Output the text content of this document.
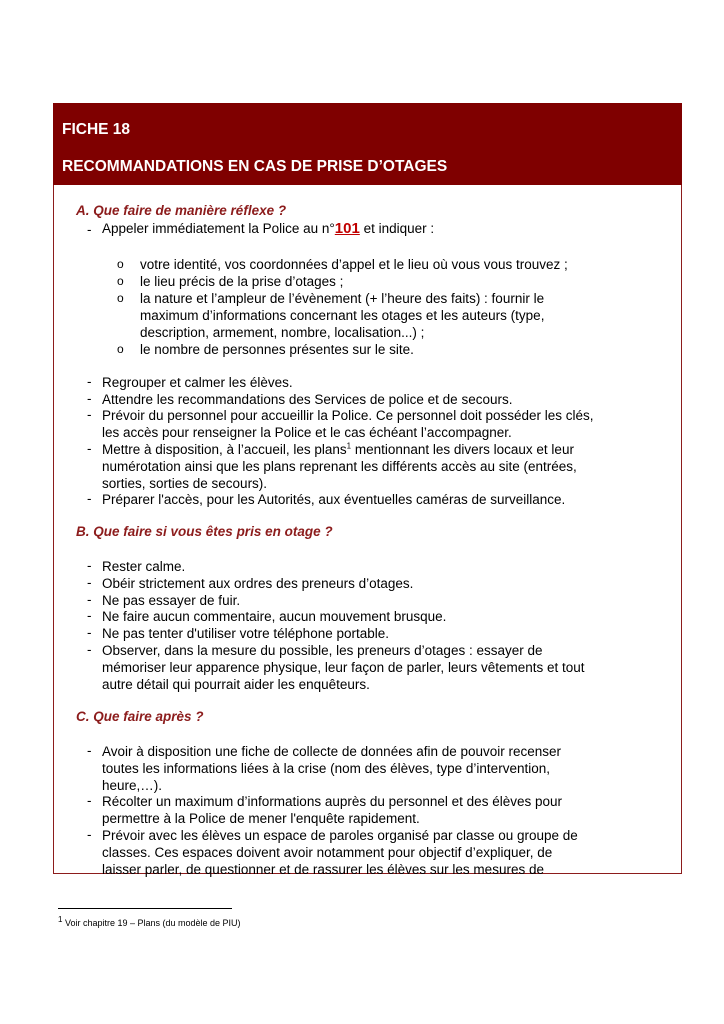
FICHE 18
RECOMMANDATIONS EN CAS DE PRISE D’OTAGES
A. Que faire de manière réflexe ?
- Appeler immédiatement la Police au n°101 et indiquer :
o votre identité, vos coordonnées d’appel et le lieu où vous vous trouvez ;
o le lieu précis de la prise d’otages ;
o la nature et l’ampleur de l’évènement (+ l’heure des faits) : fournir le
maximum d’informations concernant les otages et les auteurs (type,
description, armement, nombre, localisation...) ;
o le nombre de personnes présentes sur le site.
- Regrouper et calmer les élèves.
- Attendre les recommandations des Services de police et de secours.
- Prévoir du personnel pour accueillir la Police. Ce personnel doit posséder les clés,
les accès pour renseigner la Police et le cas échéant l’accompagner.
- Mettre à disposition, à l’accueil, les plans$^1$ mentionnant les divers locaux et leur
numérotation ainsi que les plans reprenant les différents accès au site (entrées,
sorties, sorties de secours).
- Préparer l'accès, pour les Autorités, aux éventuelles caméras de surveillance.
B. Que faire si vous êtes pris en otage ?
- Rester calme.
- Obéir strictement aux ordres des preneurs d’otages.
- Ne pas essayer de fuir.
- Ne faire aucun commentaire, aucun mouvement brusque.
- Ne pas tenter d'utiliser votre téléphone portable.
- Observer, dans la mesure du possible, les preneurs d’otages : essayer de
mémoriser leur apparence physique, leur façon de parler, leurs vêtements et tout
autre détail qui pourrait aider les enquêteurs.
C. Que faire après ?
- Avoir à disposition une fiche de collecte de données afin de pouvoir recenser
toutes les informations liées à la crise (nom des élèves, type d’intervention,
heure,…).
- Récolter un maximum d’informations auprès du personnel et des élèves pour
permettre à la Police de mener l'enquête rapidement.
- Prévoir avec les élèves un espace de paroles organisé par classe ou groupe de
classes. Ces espaces doivent avoir notamment pour objectif d’expliquer, de
laisser parler, de questionner et de rassurer les élèves sur les mesures de
$^1$ Voir chapitre 19 – Plans (du modèle de PIU)
